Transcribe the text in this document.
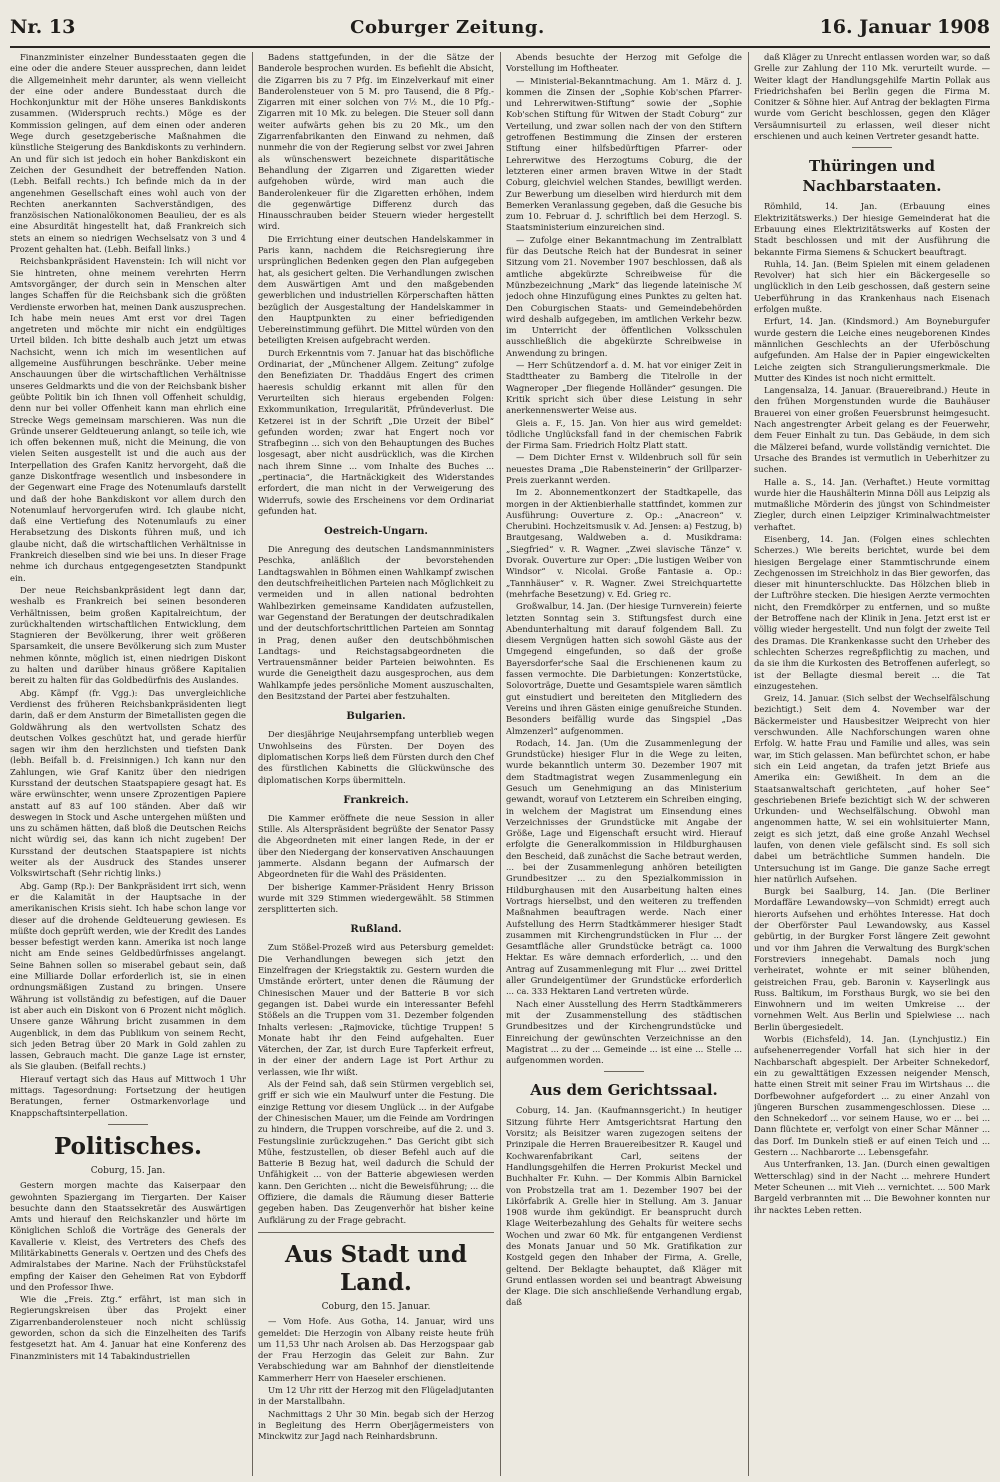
Nr. 13	Coburger Zeitung.	16. Januar 1908

Finanzminister einzelner Bundesstaaten gegen die eine oder die andere Steuer aussprechen, dann leidet die Allgemeinheit mehr darunter, als wenn vielleicht der eine oder andere Bundesstaat durch die Hochkonjunktur mit der Höhe unseres Bankdiskonts zusammen. (Widerspruch rechts.) Möge es der Kommission gelingen, auf dem einen oder anderen Wege durch gesetzgeberische Maßnahmen die künstliche Steigerung des Bankdiskonts zu verhindern. An und für sich ist jedoch ein hoher Bankdiskont ein Zeichen der Gesundheit der betreffenden Nation. (Lebh. Beifall rechts.) Ich befinde mich da in der angenehmen Gesellschaft eines wohl auch von der Rechten anerkannten Sachverständigen, des französischen Nationalökonomen Beaulieu, der es als eine Absurdität hingestellt hat, daß Frankreich sich stets an einem so niedrigen Wechselsatz von 3 und 4 Prozent gehalten hat. (Lebh. Beifall links.)

Reichsbankpräsident Havenstein: Ich will nicht vor Sie hintreten, ohne meinem verehrten Herrn Amtsvorgänger, der durch sein in Menschen alter langes Schaffen für die Reichsbank sich die größten Verdienste erworben hat, meinen Dank auszusprechen. Ich habe mein neues Amt erst vor drei Tagen angetreten und möchte mir nicht ein endgültiges Urteil bilden. Ich bitte deshalb auch jetzt um etwas Nachsicht, wenn ich mich im wesentlichen auf allgemeine Ausführungen beschränke. Ueber meine Anschauungen über die wirtschaftlichen Verhältnisse unseres Geldmarkts und die von der Reichsbank bisher geübte Politik bin ich Ihnen voll Offenheit schuldig, denn nur bei voller Offenheit kann man ehrlich eine Strecke Wegs gemeinsam marschieren. Was nun die Gründe unserer Geldteuerung anlangt, so teile ich, wie ich offen bekennen muß, nicht die Meinung, die von vielen Seiten ausgestellt ist und die auch aus der Interpellation des Grafen Kanitz hervorgeht, daß die ganze Diskontfrage wesentlich und insbesondere in der Gegenwart eine Frage des Notenumlaufs darstellt und daß der hohe Bankdiskont vor allem durch den Notenumlauf hervorgerufen wird. Ich glaube nicht, daß eine Vertiefung des Notenumlaufs zu einer Herabsetzung des Diskonts führen muß, und ich glaube nicht, daß die wirtschaftlichen Verhältnisse in Frankreich dieselben sind wie bei uns. In dieser Frage nehme ich durchaus entgegengesetzten Standpunkt ein.

Der neue Reichsbankpräsident legt dann dar, weshalb es Frankreich bei seinen besonderen Verhältnissen, beim großen Kapitalreichtum, der zurückhaltenden wirtschaftlichen Entwicklung, dem Stagnieren der Bevölkerung, ihrer weit größeren Sparsamkeit, die unsere Bevölkerung sich zum Muster nehmen könnte, möglich ist, einen niedrigen Diskont zu halten und darüber hinaus größere Kapitalien bereit zu halten für das Goldbedürfnis des Auslandes.

Abg. Kämpf (fr. Vgg.): Das unvergleichliche Verdienst des früheren Reichsbankpräsidenten liegt darin, daß er dem Ansturm der Bimetallisten gegen die Goldwährung als den wertvollsten Schatz des deutschen Volkes geschützt hat, und gerade hierfür sagen wir ihm den herzlichsten und tiefsten Dank (lebh. Beifall b. d. Freisinnigen.) Ich kann nur den Zahlungen, wie Graf Kanitz über den niedrigen Kursstand der deutschen Staatspapiere gesagt hat. Es wäre erwünschter, wenn unsere Zprozentigen Papiere anstatt auf 83 auf 100 ständen. Aber daß wir deswegen in Stock und Asche untergehen müßten und uns zu schämen hätten, daß bloß die Deutschen Reichs nicht würdig sei, das kann ich nicht zugeben! Der Kursstand der deutschen Staatspapiere ist nichts weiter als der Ausdruck des Standes unserer Volkswirtschaft (Sehr richtig links.)

Abg. Gamp (Rp.): Der Bankpräsident irrt sich, wenn er die Kalamität in der Hauptsache in der amerikanischen Krisis sieht. Ich habe schon lange vor dieser auf die drohende Geldteuerung gewiesen. Es müßte doch geprüft werden, wie der Kredit des Landes besser befestigt werden kann. Amerika ist noch lange nicht am Ende seines Geldbedürfnisses angelangt. Seine Bahnen sollen so miserabel gebaut sein, daß eine Milliarde Dollar erforderlich ist, sie in einen ordnungsmäßigen Zustand zu bringen. Unsere Währung ist vollständig zu befestigen, auf die Dauer ist aber auch ein Diskont von 6 Prozent nicht möglich. Unsere ganze Währung bricht zusammen in dem Augenblick, in dem das Publikum von seinem Recht, sich jeden Betrag über 20 Mark in Gold zahlen zu lassen, Gebrauch macht. Die ganze Lage ist ernster, als Sie glauben. (Beifall rechts.)

Hierauf vertagt sich das Haus auf Mittwoch 1 Uhr mittags. Tagesordnung: Fortsetzung der heutigen Beratungen, ferner Ostmarkenvorlage und Knappschaftsinterpellation.

Politisches.
Coburg, 15. Jan.

Gestern morgen machte das Kaiserpaar den gewohnten Spaziergang im Tiergarten. Der Kaiser besuchte dann den Staatssekretär des Auswärtigen Amts und hierauf den Reichskanzler und hörte im Königlichen Schloß die Vorträge des Generals der Kavallerie v. Kleist, des Vertreters des Chefs des Militärkabinetts Generals v. Oertzen und des Chefs des Admiralstabes der Marine. Nach der Frühstückstafel empfing der Kaiser den Geheimen Rat von Eybdorff und den Professor Ihwe.

Wie die „Freis. Ztg.“ erfährt, ist man sich in Regierungskreisen über das Projekt einer Zigarrenbanderolensteuer noch nicht schlüssig geworden, schon da sich die Einzelheiten des Tarifs festgesetzt hat. Am 4. Januar hat eine Konferenz des Finanzministers mit 14 Tabakindustriellen

Badens stattgefunden, in der die Sätze der Banderole besprochen wurden. Es befiehlt die Absicht, die Zigarren bis zu 7 Pfg. im Einzelverkauf mit einer Banderolensteuer von 5 M. pro Tausend, die 8 Pfg.-Zigarren mit einer solchen von 7½ M., die 10 Pfg.-Zigarren mit 10 Mk. zu belegen. Die Steuer soll dann weiter aufwärts gehen bis zu 20 Mk., um den Zigarrenfabrikanten den Einwand zu nehmen, daß nunmehr die von der Regierung selbst vor zwei Jahren als wünschenswert bezeichnete disparitätische Behandlung der Zigarren und Zigaretten wieder aufgehoben würde, wird man auch die Banderolenkeuer für die Zigaretten erhöhen, indem die gegenwärtige Differenz durch das Hinausschrauben beider Steuern wieder hergestellt wird.

Die Errichtung einer deutschen Handelskammer in Paris kann, nachdem die Reichsregierung ihre ursprünglichen Bedenken gegen den Plan aufgegeben hat, als gesichert gelten. Die Verhandlungen zwischen dem Auswärtigen Amt und den maßgebenden gewerblichen und industriellen Körperschaften hätten bezüglich der Ausgestaltung der Handelskammer in den Hauptpunkten zu einer befriedigenden Uebereinstimmung geführt. Die Mittel würden von den beteiligten Kreisen aufgebracht werden.

Durch Erkenntnis vom 7. Januar hat das bischöfliche Ordinariat, der „Münchener Allgem. Zeitung“ zufolge den Benefiziaten Dr. Thaddäus Engert des crimen haeresis schuldig erkannt mit allen für den Verurteilten sich hieraus ergebenden Folgen: Exkommunikation, Irregularität, Pfründeverlust. Die Ketzerei ist in der Schrift „Die Urzeit der Bibel“ gefunden worden; zwar hat Engert noch vor Strafbeginn ... sich von den Behauptungen des Buches losgesagt, aber nicht ausdrücklich, was die Kirchen nach ihrem Sinne ... vom Inhalte des Buches ... „pertinacia“, die Hartnäckigkeit des Widerstandes erfordert, die man nicht in der Verweigerung des Widerrufs, sowie des Erscheinens vor dem Ordinariat gefunden hat.

Oestreich-Ungarn.

Die Anregung des deutschen Landsmannministers Peschka, anläßlich der bevorstehenden Landtagswahlen in Böhmen einen Wahlkampf zwischen den deutschfreiheitlichen Parteien nach Möglichkeit zu vermeiden und in allen national bedrohten Wahlbezirken gemeinsame Kandidaten aufzustellen, war Gegenstand der Beratungen der deutschradikalen und der deutschfortschrittlichen Parteien am Sonntag in Prag, denen außer den deutschböhmischen Landtags- und Reichstagsabgeordneten die Vertrauensmänner beider Parteien beiwohnten. Es wurde die Geneigtheit dazu ausgesprochen, aus dem Wahlkampfe jedes persönliche Moment auszuschalten, den Besitzstand der Partei aber festzuhalten.

Bulgarien.

Der diesjährige Neujahrsempfang unterblieb wegen Unwohlseins des Fürsten. Der Doyen des diplomatischen Korps ließ dem Fürsten durch den Chef des fürstlichen Kabinetts die Glückwünsche des diplomatischen Korps übermitteln.

Frankreich.

Die Kammer eröffnete die neue Session in aller Stille. Als Alterspräsident begrüßte der Senator Passy die Abgeordneten mit einer langen Rede, in der er über den Niedergang der konservativen Anschauungen jammerte. Alsdann begann der Aufmarsch der Abgeordneten für die Wahl des Präsidenten.

Der bisherige Kammer-Präsident Henry Brisson wurde mit 329 Stimmen wiedergewählt. 58 Stimmen zersplitterten sich.

Rußland.

Zum Stößel-Prozeß wird aus Petersburg gemeldet: Die Verhandlungen bewegen sich jetzt den Einzelfragen der Kriegstaktik zu. Gestern wurden die Umstände erörtert, unter denen die Räumung der Chinesischen Mauer und der Batterie B vor sich gegangen ist. Dabei wurde ein interessanter Befehl Stößels an die Truppen vom 31. Dezember folgenden Inhalts verlesen: „Rajmovicke, tüchtige Truppen! 5 Monate habt ihr den Feind aufgehalten. Euer Väterchen, der Zar, ist durch Eure Tapferkeit erfreut, in der einer der andern Lage ist Port Arthur zu verlassen, wie Ihr wißt.

Als der Feind sah, daß sein Stürmen vergeblich sei, griff er sich wie ein Maulwurf unter die Festung. Die einzige Rettung vor diesem Unglück ... in der Aufgabe der Chinesischen Mauer, um die Feinde am Vordringen zu hindern, die Truppen vorschreibe, auf die 2. und 3. Festungslinie zurückzugehen.“ Das Gericht gibt sich Mühe, festzustellen, ob dieser Befehl auch auf die Batterie B Bezug hat, weil dadurch die Schuld der Unfähigkeit ... von der Batterie abgewiesen werden kann. Den Gerichten ... nicht die Beweisführung; ... die Offiziere, die damals die Räumung dieser Batterie gegeben haben. Das Zeugenverhör hat bisher keine Aufklärung zu der Frage gebracht.

Aus Stadt und Land.
Coburg, den 15. Januar.

— Vom Hofe. Aus Gotha, 14. Januar, wird uns gemeldet: Die Herzogin von Albany reiste heute früh um 11,53 Uhr nach Arolsen ab. Das Herzogspaar gab der Frau Herzogin das Geleit zur Bahn. Zur Verabschiedung war am Bahnhof der dienstleitende Kammerherr Herr von Haeseler erschienen.

Um 12 Uhr ritt der Herzog mit den Flügeladjutanten in der Marstallbahn.

Nachmittags 2 Uhr 30 Min. begab sich der Herzog in Begleitung des Herrn Oberjägermeisters von Minckwitz zur Jagd nach Reinhardsbrunn.

Abends besuchte der Herzog mit Gefolge die Vorstellung im Hoftheater.

— Ministerial-Bekanntmachung. Am 1. März d. J. kommen die Zinsen der „Sophie Kob'schen Pfarrer- und Lehrerwitwen-Stiftung“ sowie der „Sophie Kob'schen Stiftung für Witwen der Stadt Coburg“ zur Verteilung, und zwar sollen nach der von den Stiftern getroffenen Bestimmung die Zinsen der ersteren Stiftung einer hilfsbedürftigen Pfarrer- oder Lehrerwitwe des Herzogtums Coburg, die der letzteren einer armen braven Witwe in der Stadt Coburg, gleichviel welchen Standes, bewilligt werden. Zur Bewerbung um dieselben wird hierdurch mit dem Bemerken Veranlassung gegeben, daß die Gesuche bis zum 10. Februar d. J. schriftlich bei dem Herzogl. S. Staatsministerium einzureichen sind.

— Zufolge einer Bekanntmachung im Zentralblatt für das Deutsche Reich hat der Bundesrat in seiner Sitzung vom 21. November 1907 beschlossen, daß als amtliche abgekürzte Schreibweise für die Münzbezeichnung „Mark“ das liegende lateinische ℳ jedoch ohne Hinzufügung eines Punktes zu gelten hat. Den Coburgischen Staats- und Gemeindebehörden wird deshalb aufgegeben, im amtlichen Verkehr bezw. im Unterricht der öffentlichen Volksschulen ausschließlich die abgekürzte Schreibweise in Anwendung zu bringen.

— Herr Schützendorf a. d. M. hat vor einiger Zeit in Stadttheater zu Bamberg die Titelrolle in der Wagneroper „Der fliegende Holländer“ gesungen. Die Kritik spricht sich über diese Leistung in sehr anerkennenswerter Weise aus.

Gleis a. F., 15. Jan. Von hier aus wird gemeldet: tödliche Unglücksfall fand in der chemischen Fabrik der Firma Sam. Friedrich Holtz Platt statt.

— Dem Dichter Ernst v. Wildenbruch soll für sein neuestes Drama „Die Rabensteinerin“ der Grillparzer-Preis zuerkannt werden.

Im 2. Abonnementkonzert der Stadtkapelle, das morgen in der Aktienbierhalle stattfindet, kommen zur Ausführung: Ouverture z. Op.: „Anacreon“ v. Cherubini. Hochzeitsmusik v. Ad. Jensen: a) Festzug, b) Brautgesang, Waldweben a. d. Musikdrama: „Siegfried“ v. R. Wagner. „Zwei slavische Tänze“ v. Dvorak. Ouverture zur Oper: „Die lustigen Weiber von Windsor“ v. Nicolai. Große Fantasie a. Op.: „Tannhäuser“ v. R. Wagner. Zwei Streichquartette (mehrfache Besetzung) v. Ed. Grieg rc.

Großwalbur, 14. Jan. (Der hiesige Turnverein) feierte letzten Sonntag sein 3. Stiftungsfest durch eine Abendunterhaltung mit darauf folgendem Ball. Zu diesem Vergnügen hatten sich sowohl Gäste aus der Umgegend eingefunden, so daß der große Bayersdorfer'sche Saal die Erschienenen kaum zu fassen vermochte. Die Darbietungen: Konzertstücke, Solovorträge, Duette und Gesamtspiele waren sämtlich gut einstudiert und bereiteten den Mitgliedern des Vereins und ihren Gästen einige genußreiche Stunden. Besonders beifällig wurde das Singspiel „Das Almzenzerl“ aufgenommen.

Rodach, 14. Jan. (Um die Zusammenlegung der Grundstücke) hiesiger Flur in die Wege zu leiten, wurde bekanntlich unterm 30. Dezember 1907 mit dem Stadtmagistrat wegen Zusammenlegung ein Gesuch um Genehmigung an das Ministerium gewandt, worauf von Letzterem ein Schreiben einging, in welchem der Magistrat um Einsendung eines Verzeichnisses der Grundstücke mit Angabe der Größe, Lage und Eigenschaft ersucht wird. Hierauf erfolgte die Generalkommission in Hildburghausen den Bescheid, daß zunächst die Sache betraut werden, ... bei der Zusammenlegung anhören beteiligten Grundbesitzer ... zu den Spezialkommission in Hildburghausen mit den Ausarbeitung halten eines Vortrags hierselbst, und den weiteren zu treffenden Maßnahmen beauftragen werde. Nach einer Aufstellung des Herrn Stadtkämmerer hiesiger Stadt zusammen mit Kirchengrundstücken in Flur ... der Gesamtfläche aller Grundstücke beträgt ca. 1000 Hektar. Es wäre demnach erforderlich, ... und den Antrag auf Zusammenlegung mit Flur ... zwei Drittel aller Grundeigentümer der Grundstücke erforderlich ... ca. 333 Hektaren Land vertreten würde.

Nach einer Ausstellung des Herrn Stadtkämmerers mit der Zusammenstellung des städtischen Grundbesitzes und der Kirchengrundstücke und Einreichung der gewünschten Verzeichnisse an den Magistrat ... zu der ... Gemeinde ... ist eine ... Stelle ... aufgenommen worden.

Aus dem Gerichtssaal.

Coburg, 14. Jan. (Kaufmannsgericht.) In heutiger Sitzung führte Herr Amtsgerichtsrat Hartung den Vorsitz; als Beisitzer waren zugezogen seitens der Prinzipale die Herren Brauereibesitzer R. Kaugel und Kochwarenfabrikant Carl, seitens der Handlungsgehilfen die Herren Prokurist Meckel und Buchhalter Fr. Kuhn. — Der Kommis Albin Barnickel von Probstzella trat am 1. Dezember 1907 bei der Likörfabrik A. Grelle hier in Stellung. Am 3. Januar 1908 wurde ihm gekündigt. Er beansprucht durch Klage Weiterbezahlung des Gehalts für weitere sechs Wochen und zwar 60 Mk. für entgangenen Verdienst des Monats Januar und 50 Mk. Gratifikation zur Kostgeld gegen den Inhaber der Firma, A. Grelle, geltend. Der Beklagte behauptet, daß Kläger mit Grund entlassen worden sei und beantragt Abweisung der Klage. Die sich anschließende Verhandlung ergab, daß

daß Kläger zu Unrecht entlassen worden war, so daß Grelle zur Zahlung der 110 Mk. verurteilt wurde. — Weiter klagt der Handlungsgehilfe Martin Pollak aus Friedrichshafen bei Berlin gegen die Firma M. Conitzer & Söhne hier. Auf Antrag der beklagten Firma wurde vom Gericht beschlossen, gegen den Kläger Versäumnisurteil zu erlassen, weil dieser nicht erschienen und auch keinen Vertreter gesandt hatte.

Thüringen und Nachbarstaaten.

Römhild, 14. Jan. (Erbauung eines Elektrizitätswerks.) Der hiesige Gemeinderat hat die Erbauung eines Elektrizitätswerks auf Kosten der Stadt beschlossen und mit der Ausführung die bekannte Firma Siemens & Schuckert beauftragt.

Ruhla, 14. Jan. (Beim Spielen mit einem geladenen Revolver) hat sich hier ein Bäckergeselle so unglücklich in den Leib geschossen, daß gestern seine Ueberführung in das Krankenhaus nach Eisenach erfolgen mußte.

Erfurt, 14. Jan. (Kindsmord.) Am Boyneburgufer wurde gestern die Leiche eines neugeborenen Kindes männlichen Geschlechts an der Uferböschung aufgefunden. Am Halse der in Papier eingewickelten Leiche zeigten sich Strangulierungsmerkmale. Die Mutter des Kindes ist noch nicht ermittelt.

Langensalza, 14. Januar. (Brauereibrand.) Heute in den frühen Morgenstunden wurde die Bauhäuser Brauerei von einer großen Feuersbrunst heimgesucht. Nach angestrengter Arbeit gelang es der Feuerwehr, dem Feuer Einhalt zu tun. Das Gebäude, in dem sich die Mälzerei befand, wurde vollständig vernichtet. Die Ursache des Brandes ist vermutlich in Ueberhitzer zu suchen.

Halle a. S., 14. Jan. (Verhaftet.) Heute vormittag wurde hier die Haushälterin Minna Döll aus Leipzig als mutmaßliche Mörderin des jüngst von Schindmeister Ziegler, durch einen Leipziger Kriminalwachtmeister verhaftet.

Eisenberg, 14. Jan. (Folgen eines schlechten Scherzes.) Wie bereits berichtet, wurde bei dem hiesigen Bergelage einer Stammtischrunde einem Zechgenossen im Streichholz in das Bier geworfen, das dieser mit hinunterschluckte. Das Hölzchen blieb in der Luftröhre stecken. Die hiesigen Aerzte vermochten nicht, den Fremdkörper zu entfernen, und so mußte der Betroffene nach der Klinik in Jena. Jetzt erst ist er völlig wieder hergestellt. Und nun folgt der zweite Teil des Dramas. Die Krankenkasse sucht den Urheber des schlechten Scherzes regreßpflichtig zu machen, und da sie ihm die Kurkosten des Betroffenen auferlegt, so ist der Bellagte diesmal bereit ... die Tat einzugestehen.

Greiz, 14. Januar. (Sich selbst der Wechselfälschung bezichtigt.) Seit dem 4. November war der Bäckermeister und Hausbesitzer Weiprecht von hier verschwunden. Alle Nachforschungen waren ohne Erfolg. W. hatte Frau und Familie und alles, was sein war, im Stich gelassen. Man befürchtet schon, er habe sich ein Leid angetan, da trafen jetzt Briefe aus Amerika ein: Gewißheit. In dem an die Staatsanwaltschaft gerichteten, „auf hoher See“ geschriebenen Briefe bezichtigt sich W. der schweren Urkunden- und Wechselfälschung. Obwohl man angenommen hatte, W. sei ein wohlsituierter Mann, zeigt es sich jetzt, daß eine große Anzahl Wechsel laufen, von denen viele gefälscht sind. Es soll sich dabei um beträchtliche Summen handeln. Die Untersuchung ist im Gange. Die ganze Sache erregt hier natürlich Aufsehen.

Burgk bei Saalburg, 14. Jan. (Die Berliner Mordaffäre Lewandowsky—von Schmidt) erregt auch hierorts Aufsehen und erhöhtes Interesse. Hat doch der Oberförster Paul Lewandowsky, aus Kassel gebürtig, in der Burgker Forst längere Zeit gewohnt und vor ihm Jahren die Verwaltung des Burgk'schen Forstreviers innegehabt. Damals noch jung verheiratet, wohnte er mit seiner blühenden, geistreichen Frau, geb. Baronin v. Kayserlingk aus Russ. Baltikum, im Forsthaus Burgk, wo sie bei den Einwohnern und im weiten Umkreise ... der vornehmen Welt. Aus Berlin und Spielwiese ... nach Berlin übergesiedelt.

Worbis (Eichsfeld), 14. Jan. (Lynchjustiz.) Ein aufsehenerregender Vorfall hat sich hier in der Nachbarschaft abgespielt. Der Arbeiter Schnekedorf, ein zu gewalttätigen Exzessen neigender Mensch, hatte einen Streit mit seiner Frau im Wirtshaus ... die Dorfbewohner aufgefordert ... zu einer Anzahl von jüngeren Burschen zusammengeschlossen. Diese ... den Schnekedorf ... vor seinem Hause, wo er ... bei ... Dann flüchtete er, verfolgt von einer Schar Männer ... das Dorf. Im Dunkeln stieß er auf einen Teich und ... Gestern ... Nachbarorte ... Lebensgefahr.

Aus Unterfranken, 13. Jan. (Durch einen gewaltigen Wetterschlag) sind in der Nacht ... mehrere Hundert Meter Scheunen ... mit Vieh ... vernichtet. ... 500 Mark Bargeld verbrannten mit ... Die Bewohner konnten nur ihr nacktes Leben retten.
